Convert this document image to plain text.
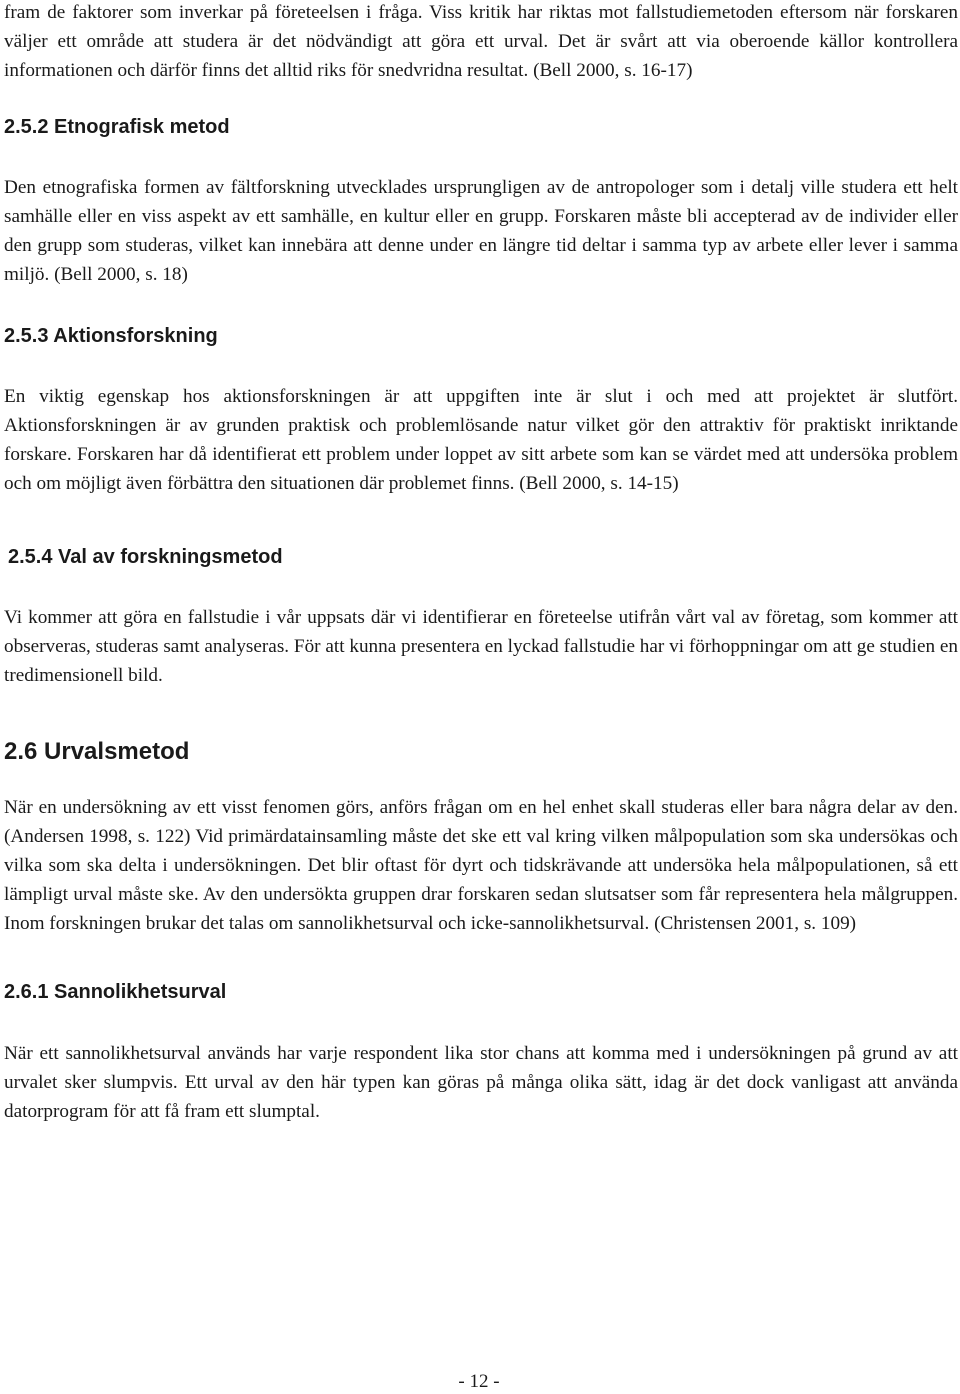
fram de faktorer som inverkar på företeelsen i fråga. Viss kritik har riktas mot fallstudiemetoden eftersom när forskaren väljer ett område att studera är det nödvändigt att göra ett urval. Det är svårt att via oberoende källor kontrollera informationen och därför finns det alltid riks för snedvridna resultat. (Bell 2000, s. 16-17)

2.5.2 Etnografisk metod

Den etnografiska formen av fältforskning utvecklades ursprungligen av de antropologer som i detalj ville studera ett helt samhälle eller en viss aspekt av ett samhälle, en kultur eller en grupp. Forskaren måste bli accepterad av de individer eller den grupp som studeras, vilket kan innebära att denne under en längre tid deltar i samma typ av arbete eller lever i samma miljö. (Bell 2000, s. 18)

2.5.3 Aktionsforskning

En viktig egenskap hos aktionsforskningen är att uppgiften inte är slut i och med att projektet är slutfört. Aktionsforskningen är av grunden praktisk och problemlösande natur vilket gör den attraktiv för praktiskt inriktande forskare. Forskaren har då identifierat ett problem under loppet av sitt arbete som kan se värdet med att undersöka problem och om möjligt även förbättra den situationen där problemet finns. (Bell 2000, s. 14-15)

2.5.4 Val av forskningsmetod

Vi kommer att göra en fallstudie i vår uppsats där vi identifierar en företeelse utifrån vårt val av företag, som kommer att observeras, studeras samt analyseras. För att kunna presentera en lyckad fallstudie har vi förhoppningar om att ge studien en tredimensionell bild.

2.6 Urvalsmetod

När en undersökning av ett visst fenomen görs, anförs frågan om en hel enhet skall studeras eller bara några delar av den. (Andersen 1998, s. 122) Vid primärdatainsamling måste det ske ett val kring vilken målpopulation som ska undersökas och vilka som ska delta i undersökningen. Det blir oftast för dyrt och tidskrävande att undersöka hela målpopulationen, så ett lämpligt urval måste ske. Av den undersökta gruppen drar forskaren sedan slutsatser som får representera hela målgruppen. Inom forskningen brukar det talas om sannolikhetsurval och icke-sannolikhetsurval. (Christensen 2001, s. 109)

2.6.1 Sannolikhetsurval

När ett sannolikhetsurval används har varje respondent lika stor chans att komma med i undersökningen på grund av att urvalet sker slumpvis. Ett urval av den här typen kan göras på många olika sätt, idag är det dock vanligast att använda datorprogram för att få fram ett slumptal.

- 12 -
